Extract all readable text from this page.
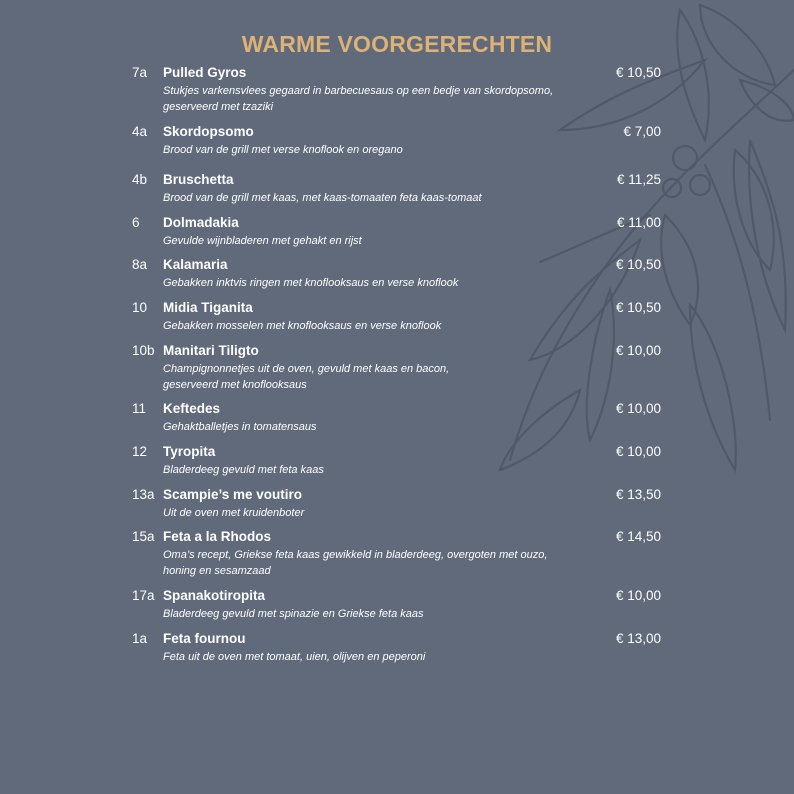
WARME VOORGERECHTEN
7a Pulled Gyros	€ 10,50
Stukjes varkensvlees gegaard in barbecuesaus op een bedje van skordopsomo,
geserveerd met tzaziki
4a Skordopsomo	€ 7,00
Brood van de grill met verse knoflook en oregano
4b Bruschetta	€ 11,25
Brood van de grill met kaas, met kaas-tomaaten feta kaas-tomaat
6 Dolmadakia	€ 11,00
Gevulde wijnbladeren met gehakt en rijst
8a Kalamaria	€ 10,50
Gebakken inktvis ringen met knoflooksaus en verse knoflook
10 Midia Tiganita	€ 10,50
Gebakken mosselen met knoflooksaus en verse knoflook
10b Manitari Tiligto	€ 10,00
Champignonnetjes uit de oven, gevuld met kaas en bacon,
geserveerd met knoflooksaus
11 Keftedes	€ 10,00
Gehaktballetjes in tomatensaus
12 Tyropita	€ 10,00
Bladerdeeg gevuld met feta kaas
13a Scampie’s me voutiro	€ 13,50
Uit de oven met kruidenboter
15a Feta a la Rhodos	€ 14,50
Oma’s recept, Griekse feta kaas gewikkeld in bladerdeeg, overgoten met ouzo,
honing en sesamzaad
17a Spanakotiropita	€ 10,00
Bladerdeeg gevuld met spinazie en Griekse feta kaas
1a Feta fournou	€ 13,00
Feta uit de oven met tomaat, uien, olijven en peperoni
